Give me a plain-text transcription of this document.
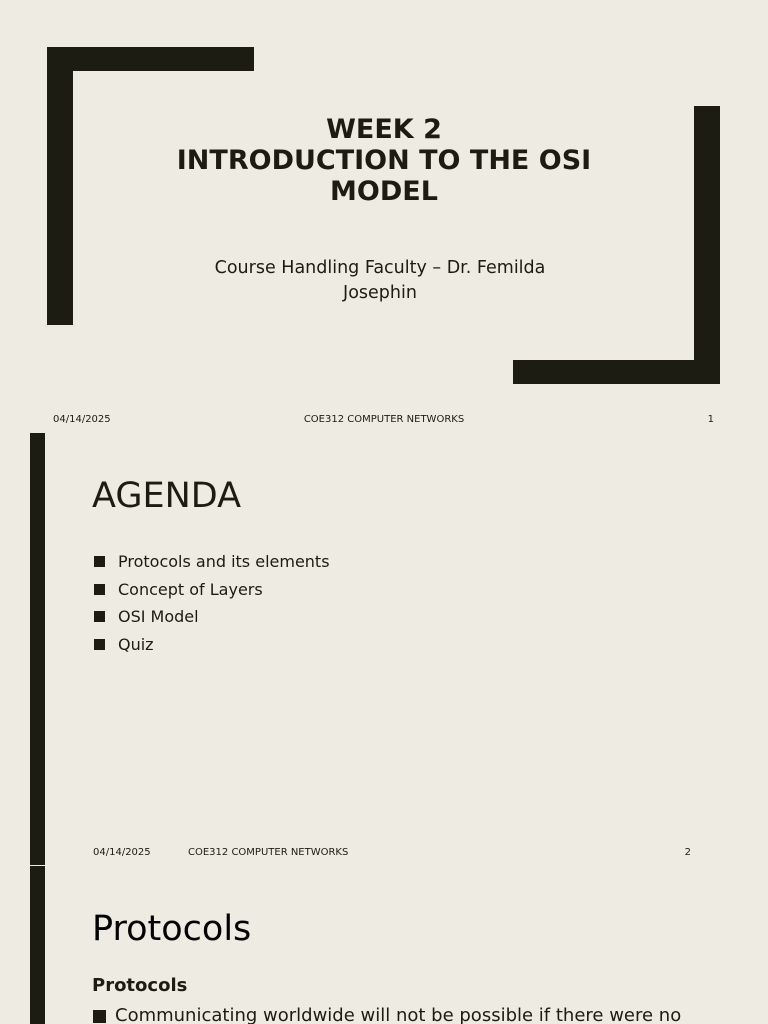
WEEK 2
INTRODUCTION TO THE OSI
MODEL
Course Handling Faculty – Dr. Femilda
Josephin
04/14/2025	COE312 COMPUTER NETWORKS	1
AGENDA
Protocols and its elements
Concept of Layers
OSI Model
Quiz
04/14/2025	COE312 COMPUTER NETWORKS	2
Protocols
Protocols
Communicating worldwide will not be possible if there were no
